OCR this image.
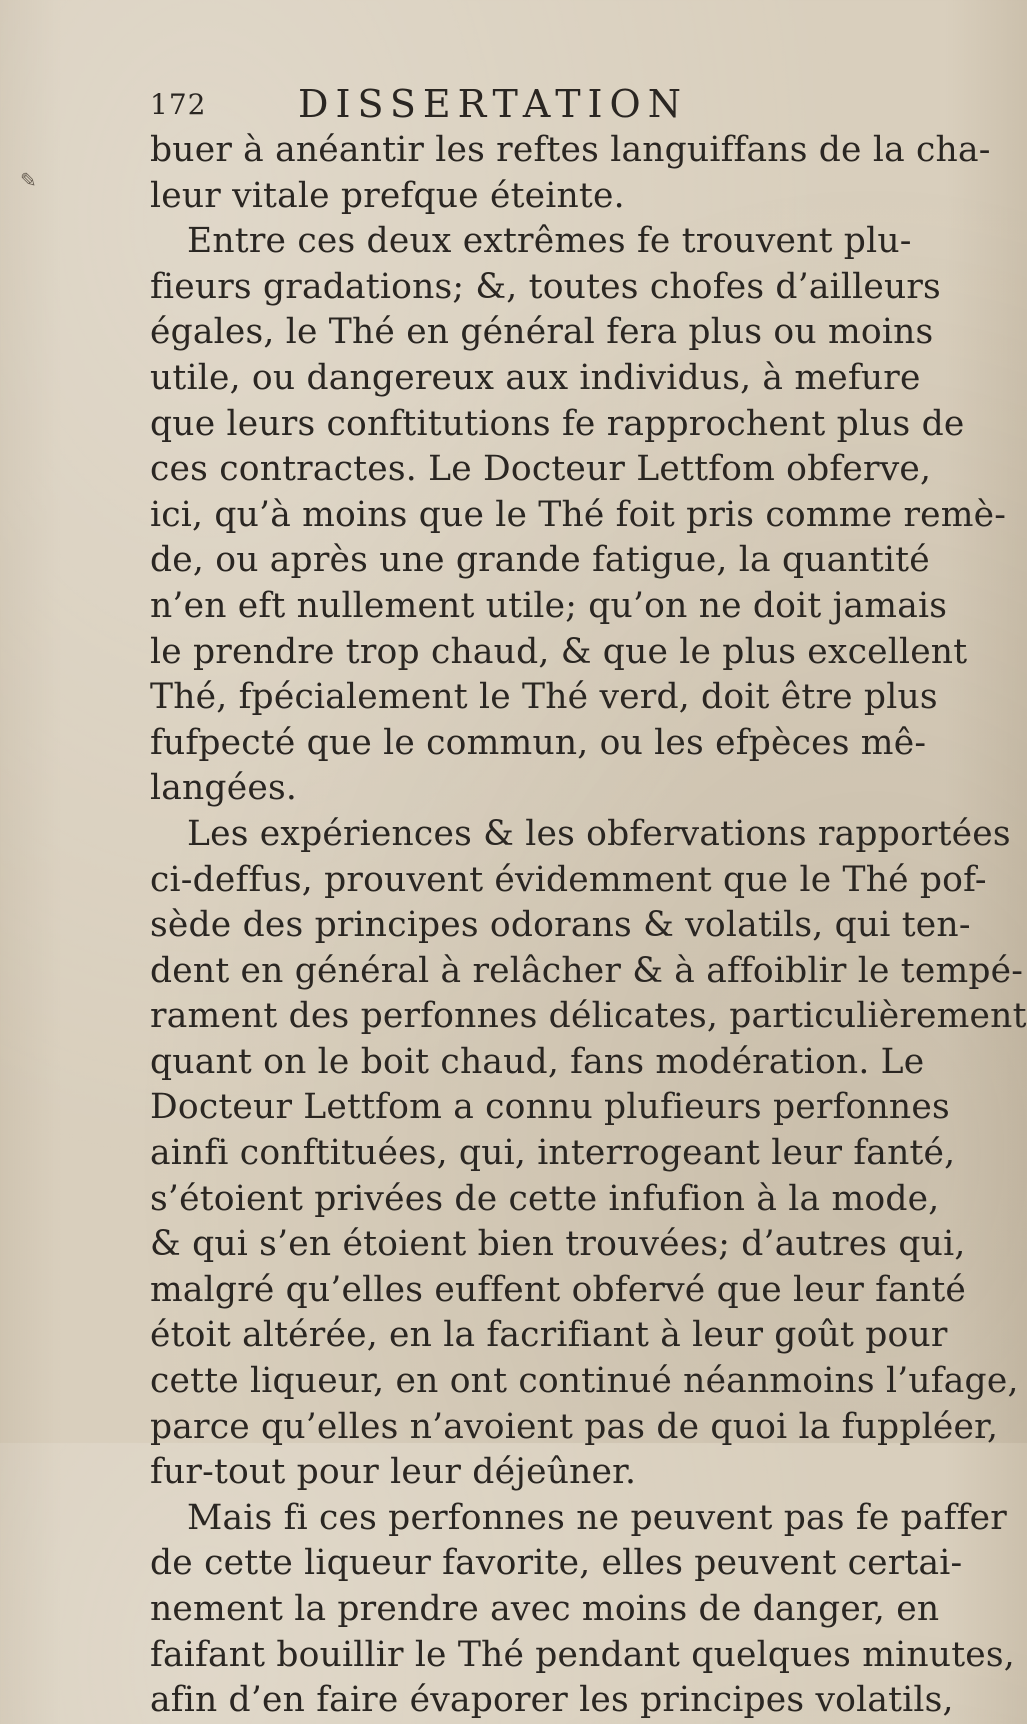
✎
172 DISSERTATION
buer à anéantir les reftes languiffans de la cha-
leur vitale prefque éteinte.
Entre ces deux extrêmes fe trouvent plu-
fieurs gradations; &, toutes chofes d’ailleurs
égales, le Thé en général fera plus ou moins
utile, ou dangereux aux individus, à mefure
que leurs conftitutions fe rapprochent plus de
ces contractes. Le Docteur Lettfom obferve,
ici, qu’à moins que le Thé foit pris comme remè-
de, ou après une grande fatigue, la quantité
n’en eft nullement utile; qu’on ne doit jamais
le prendre trop chaud, & que le plus excellent
Thé, fpécialement le Thé verd, doit être plus
fufpecté que le commun, ou les efpèces mê-
langées.
Les expériences & les obfervations rapportées
ci-deffus, prouvent évidemment que le Thé pof-
sède des principes odorans & volatils, qui ten-
dent en général à relâcher & à affoiblir le tempé-
rament des perfonnes délicates, particulièrement
quant on le boit chaud, fans modération. Le
Docteur Lettfom a connu plufieurs perfonnes
ainfi conftituées, qui, interrogeant leur fanté,
s’étoient privées de cette infufion à la mode,
& qui s’en étoient bien trouvées; d’autres qui,
malgré qu’elles euffent obfervé que leur fanté
étoit altérée, en la facrifiant à leur goût pour
cette liqueur, en ont continué néanmoins l’ufage,
parce qu’elles n’avoient pas de quoi la fuppléer,
fur-tout pour leur déjeûner.
Mais fi ces perfonnes ne peuvent pas fe paffer
de cette liqueur favorite, elles peuvent certai-
nement la prendre avec moins de danger, en
faifant bouillir le Thé pendant quelques minutes,
afin d’en faire évaporer les principes volatils,
